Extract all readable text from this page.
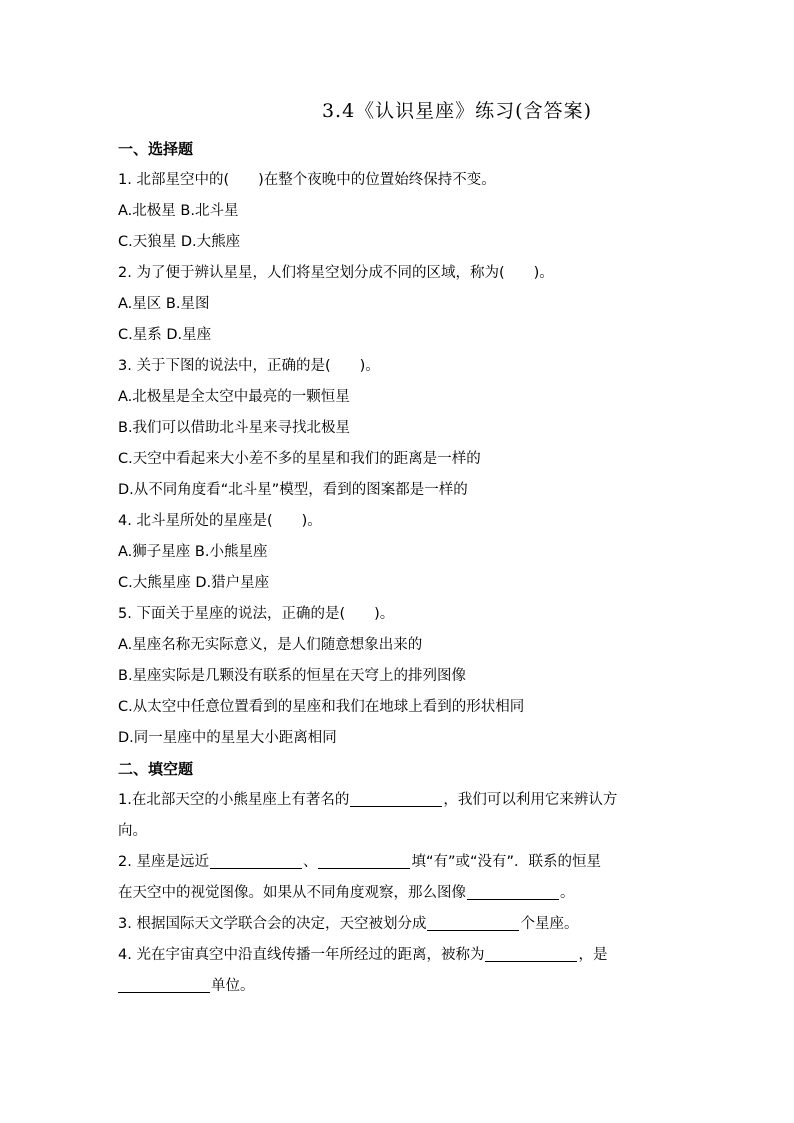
3.4《认识星座》练习(含答案)
一、选择题
1. 北部星空中的(　　)在整个夜晚中的位置始终保持不变。
A.北极星 B.北斗星
C.天狼星 D.大熊座
2. 为了便于辨认星星，人们将星空划分成不同的区域，称为(　　)。
A.星区 B.星图
C.星系 D.星座
3. 关于下图的说法中，正确的是(　　)。
A.北极星是全太空中最亮的一颗恒星
B.我们可以借助北斗星来寻找北极星
C.天空中看起来大小差不多的星星和我们的距离是一样的
D.从不同角度看“北斗星”模型，看到的图案都是一样的
4. 北斗星所处的星座是(　　)。
A.狮子星座 B.小熊星座
C.大熊星座 D.猎户星座
5. 下面关于星座的说法，正确的是(　　)。
A.星座名称无实际意义，是人们随意想象出来的
B.星座实际是几颗没有联系的恒星在天穹上的排列图像
C.从太空中任意位置看到的星座和我们在地球上看到的形状相同
D.同一星座中的星星大小距离相同
二、填空题
1.在北部天空的小熊星座上有著名的	，我们可以利用它来辨认方
向。
2. 星座是远近	、	填“有”或“没有”．联系的恒星
在天空中的视觉图像。如果从不同角度观察，那么图像	。
3. 根据国际天文学联合会的决定，天空被划分成	个星座。
4. 光在宇宙真空中沿直线传播一年所经过的距离，被称为	，是
单位。
